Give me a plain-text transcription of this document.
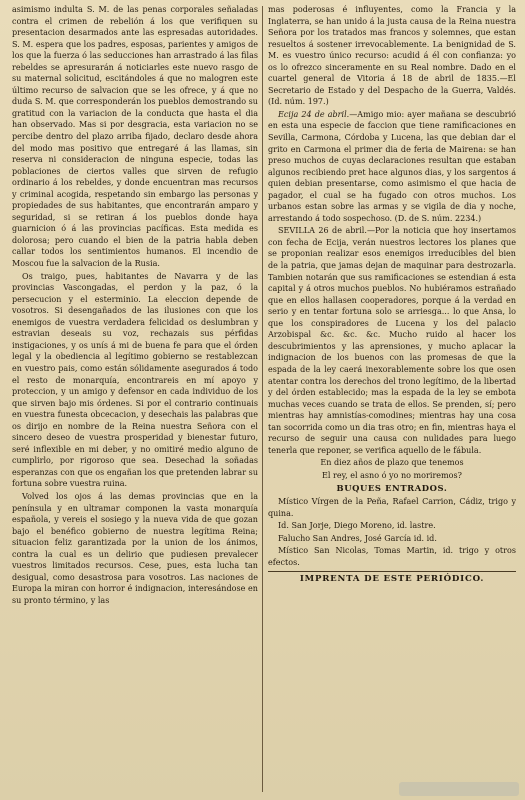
asimismo indulta S. M. de las penas corporales señaladas contra el crimen de rebelión á los que verifiquen su presentacion desarmados ante las espresadas autoridades. S. M. espera que los padres, esposas, parientes y amigos de los que la fuerza ó las seducciones han arrastrado á las filas rebeldes se apresurarán á noticiarles este nuevo rasgo de su maternal solicitud, escitándoles á que no malogren este último recurso de salvacion que se les ofrece, y á que no duda S. M. que corresponderán los pueblos demostrando su gratitud con la variacion de la conducta que hasta el dia han observado. Mas si por desgracia, esta variacion no se percibe dentro del plazo arriba fijado, declaro desde ahora del modo mas positivo que entregaré á las llamas, sin reserva ni consideracion de ninguna especie, todas las poblaciones de ciertos valles que sirven de refugio ordinario á los rebeldes, y donde encuentran mas recursos y criminal acogida, respetando sin embargo las personas y propiedades de sus habitantes, que encontrarán amparo y seguridad, si se retiran á los pueblos donde haya guarnicion ó á las provincias pacíficas. Esta medida es dolorosa; pero cuando el bien de la patria habla deben callar todos los sentimientos humanos. El incendio de Moscou fue la salvacion de la Rusia.

Os traigo, pues, habitantes de Navarra y de las provincias Vascongadas, el perdon y la paz, ó la persecucion y el esterminio. La eleccion depende de vosotros. Si desengañados de las ilusiones con que los enemigos de vuestra verdadera felicidad os deslumbran y estravian deseais su voz, rechazais sus pérfidas instigaciones, y os unís á mi de buena fe para que el órden legal y la obediencia al legítimo gobierno se restablezcan en vuestro pais, como están sólidamente asegurados á todo el resto de monarquía, encontrareis en mí apoyo y proteccion, y un amigo y defensor en cada individuo de los que sirven bajo mis órdenes. Si por el contrario continuais en vuestra funesta obcecacion, y desechais las palabras que os dirijo en nombre de la Reina nuestra Señora con el sincero deseo de vuestra prosperidad y bienestar futuro, seré inflexible en mi deber, y no omitiré medio alguno de cumplirlo, por rigoroso que sea. Desechad la soñadas esperanzas con que os engañan los que pretenden labrar su fortuna sobre vuestra ruina.

Volved los ojos á las demas provincias que en la península y en ultramar componen la vasta monarquía española, y vereis el sosiego y la nueva vida de que gozan bajo el benéfico gobierno de nuestra legítima Reina; situacion feliz garantizada por la union de los ánimos, contra la cual es un delirio que pudiesen prevalecer vuestros limitados recursos. Cese, pues, esta lucha tan desigual, como desastrosa para vosotros. Las naciones de Europa la miran con horror é indignacion, interesándose en su pronto término, y las

mas poderosas é influyentes, como la Francia y la Inglaterra, se han unido á la justa causa de la Reina nuestra Señora por los tratados mas francos y solemnes, que estan resueltos á sostener irrevocablemente. La benignidad de S. M. es vuestro único recurso: acudid á él con confianza: yo os lo ofrezco sinceramente en su Real nombre. Dado en el cuartel general de Vitoria á 18 de abril de 1835.—El Secretario de Estado y del Despacho de la Guerra, Valdés. (Id. núm. 197.)

Ecija 24 de abril.—Amigo mio: ayer mañana se descubrió en esta una especie de faccion que tiene ramificaciones en Sevilla, Carmona, Córdoba y Lucena, las que debian dar el grito en Carmona el primer dia de feria de Mairena: se han preso muchos de cuyas declaraciones resultan que estaban algunos recibiendo pret hace algunos dias, y los sargentos á quien debian presentarse, como asimismo el que hacia de pagador, el cual se ha fugado con otros muchos. Los urbanos estan sobre las armas y se vigila de dia y noche, arrestando á todo sospechoso. (D. de S. núm. 2234.)

SEVILLA 26 de abril.—Por la noticia que hoy insertamos con fecha de Ecija, verán nuestros lectores los planes que se proponian realizar esos enemigos irreducibles del bien de la patria, que jamas dejan de maquinar para destrozarla. Tambien notarán que sus ramificaciones se estendian á esta capital y á otros muchos pueblos. No hubiéramos estrañado que en ellos hallasen cooperadores, porque á la verdad en serio y en tentar fortuna solo se arriesga... lo que Ansa, lo que los conspiradores de Lucena y los del palacio Arzobispal &c. &c. &c. Mucho ruido al hacer los descubrimientos y las aprensiones, y mucho aplacar la indignacion de los buenos con las promesas de que la espada de la ley caerá inexorablemente sobre los que osen atentar contra los derechos del trono legítimo, de la libertad y del órden establecido; mas la espada de la ley se embota muchas veces cuando se trata de ellos. Se prenden, sí; pero mientras hay amnistías-comodines; mientras hay una cosa tan socorrida como un dia tras otro; en fin, mientras haya el recurso de seguir una causa con nulidades para luego tenerla que reponer, se verifica aquello de le fábula.

En diez años de plazo que tenemos

El rey, el asno ó yo no moriremos?

BUQUES ENTRADOS.

Místico Vírgen de la Peña, Rafael Carrion, Cádiz, trigo y quina.

Id. San Jorje, Diego Moreno, id. lastre.

Falucho San Andres, José García id. id.

Místico San Nicolas, Tomas Martin, id. trigo y otros efectos.

IMPRENTA DE ESTE PERIÓDICO.
